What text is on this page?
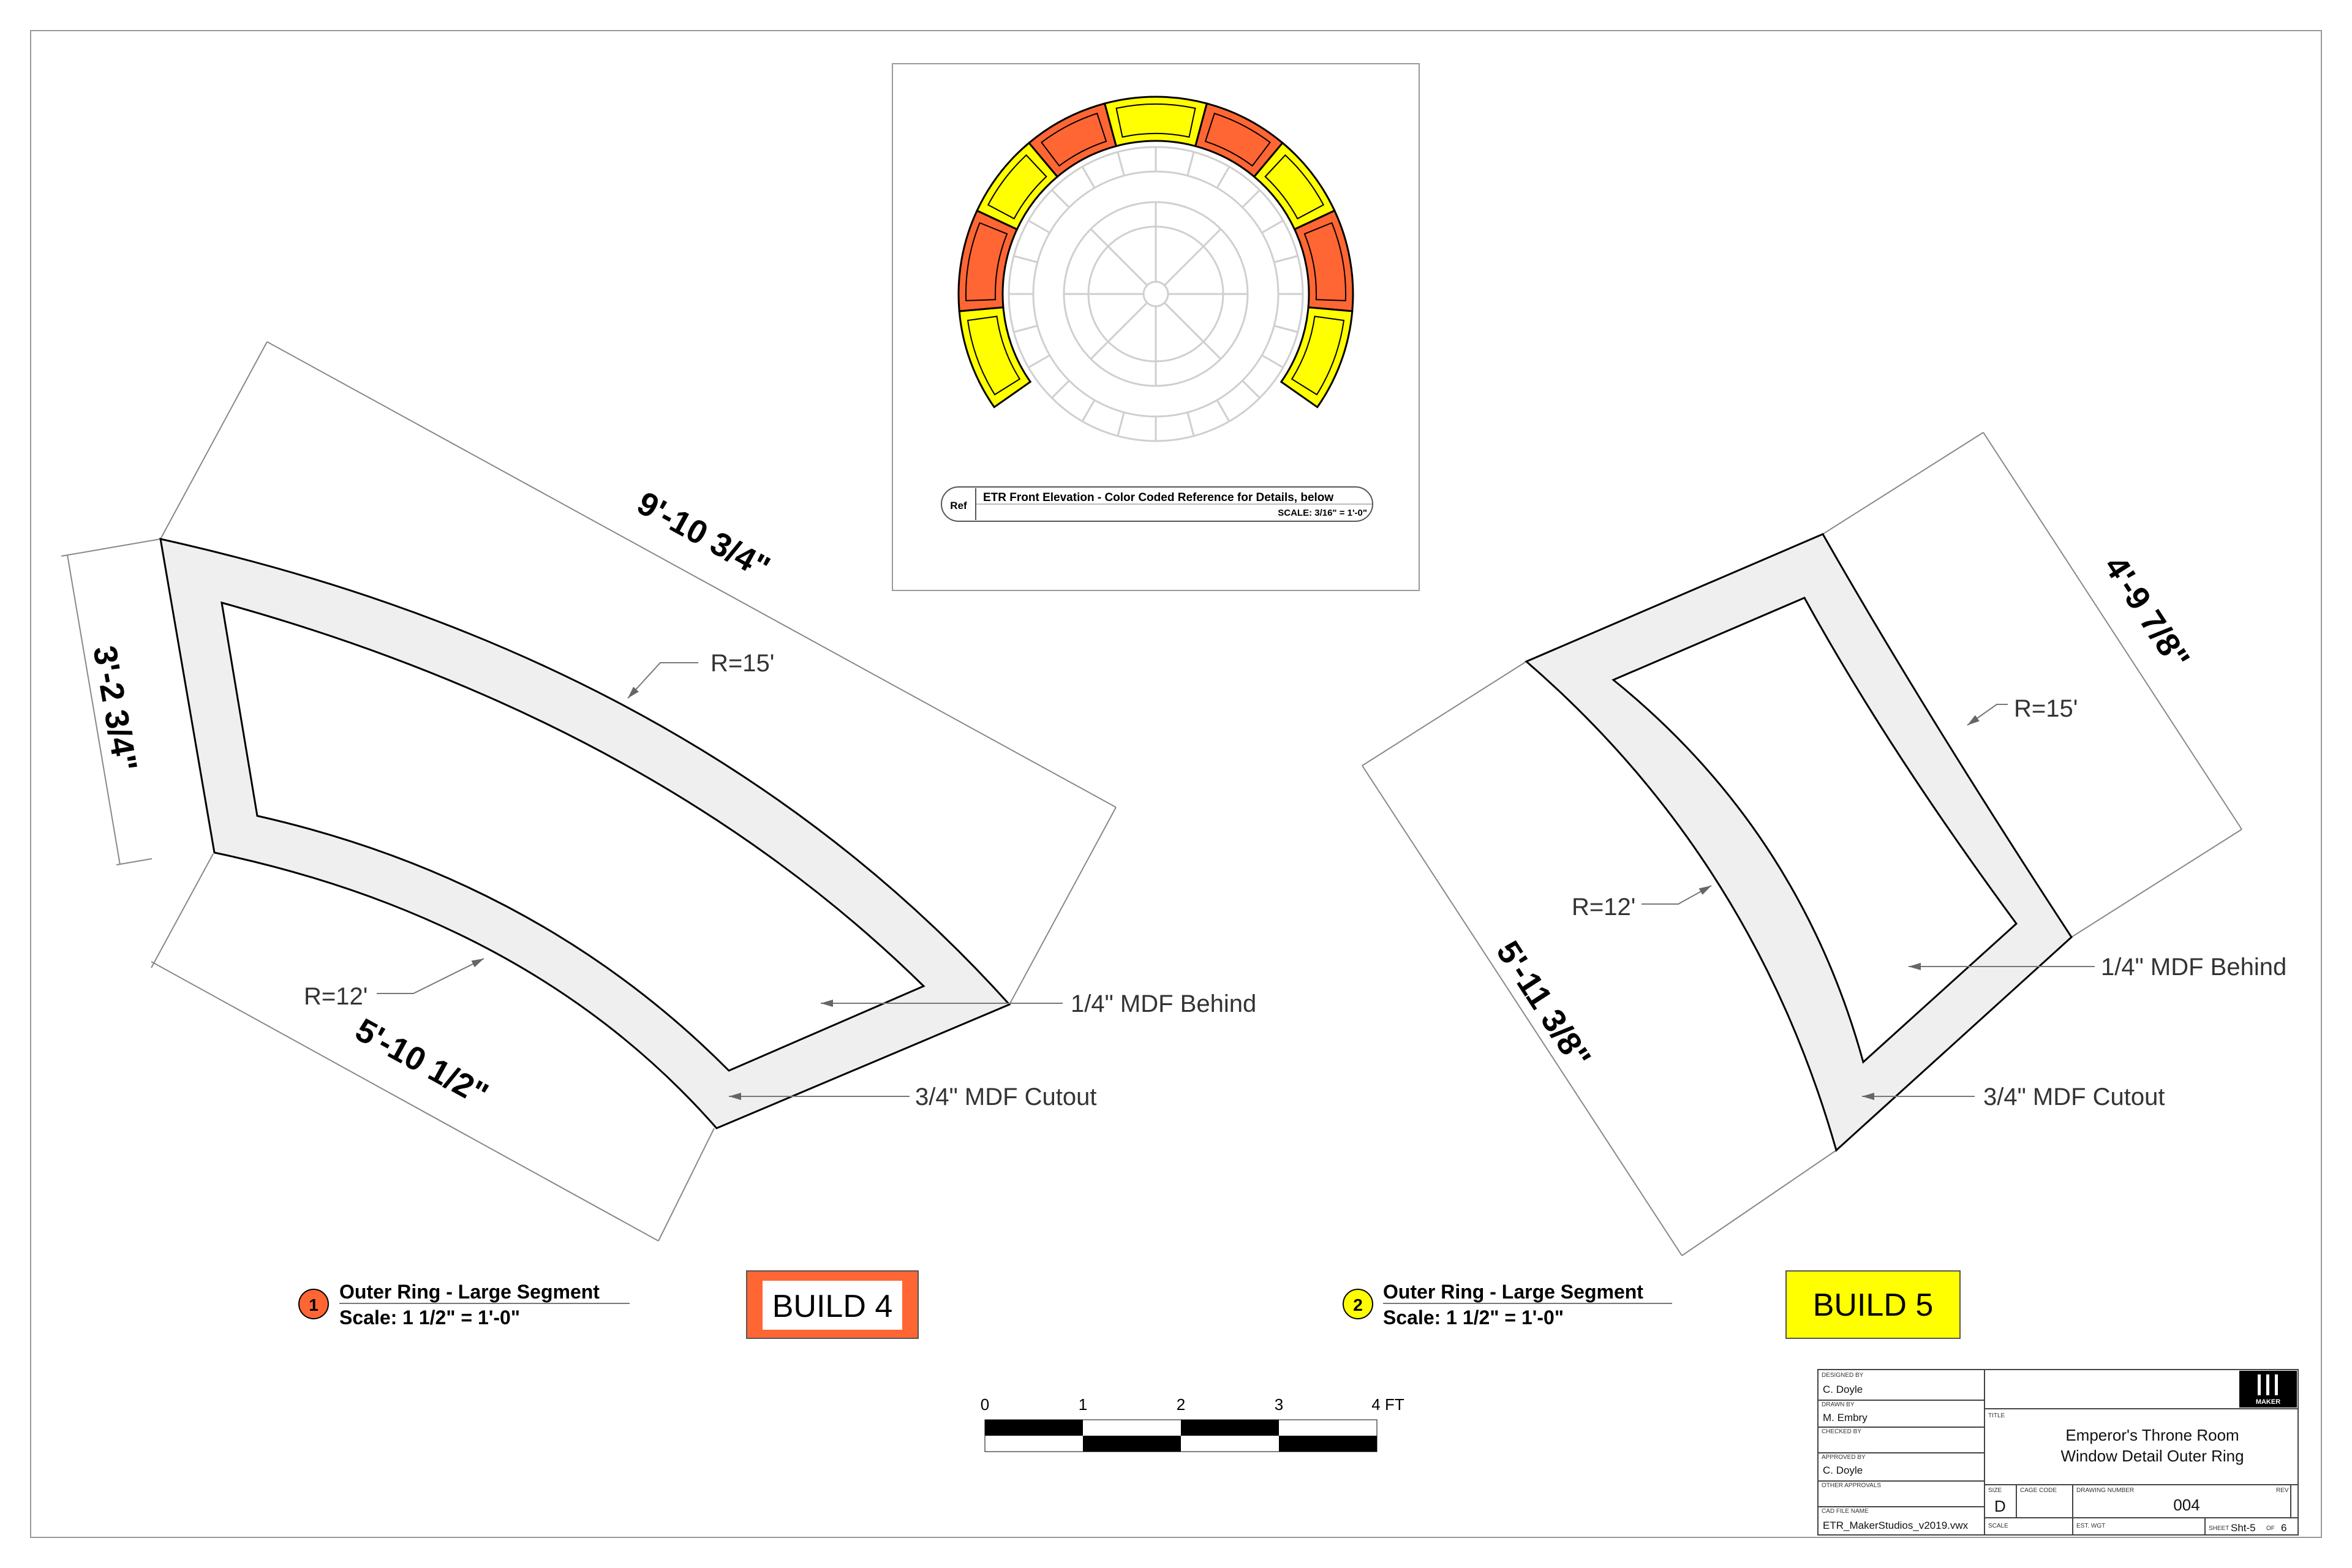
Ref
ETR Front Elevation - Color Coded Reference for Details, below
SCALE: 3/16" = 1'-0"
9'-10 3/4"
3'-2 3/4"
5'-10 1/2"
R=15'
R=12'	1/4" MDF Behind
3/4" MDF Cutout
1
Outer Ring - Large Segment
Scale: 1 1/2" = 1'-0"	BUILD 4
4'-9 7/8"
5'-11 3/8"
R=15'
R=12'
1/4" MDF Behind
3/4" MDF Cutout
2
Outer Ring - Large Segment
Scale: 1 1/2" = 1'-0"	BUILD 5
0	1	2	3	4 FT	MAKER
DESIGNED BY
C. Doyle
DRAWN BY
M. Embry
CHECKED BY
APPROVED BY
C. Doyle
OTHER APPROVALS
CAD FILE NAME
ETR_MakerStudios_v2019.vwx
TITLE
Emperor's Throne Room
Window Detail Outer Ring
SIZE
D
CAGE CODE	DRAWING NUMBER
004
REV
SCALE	EST. WGT	SHEET Sht-5 OF 6
